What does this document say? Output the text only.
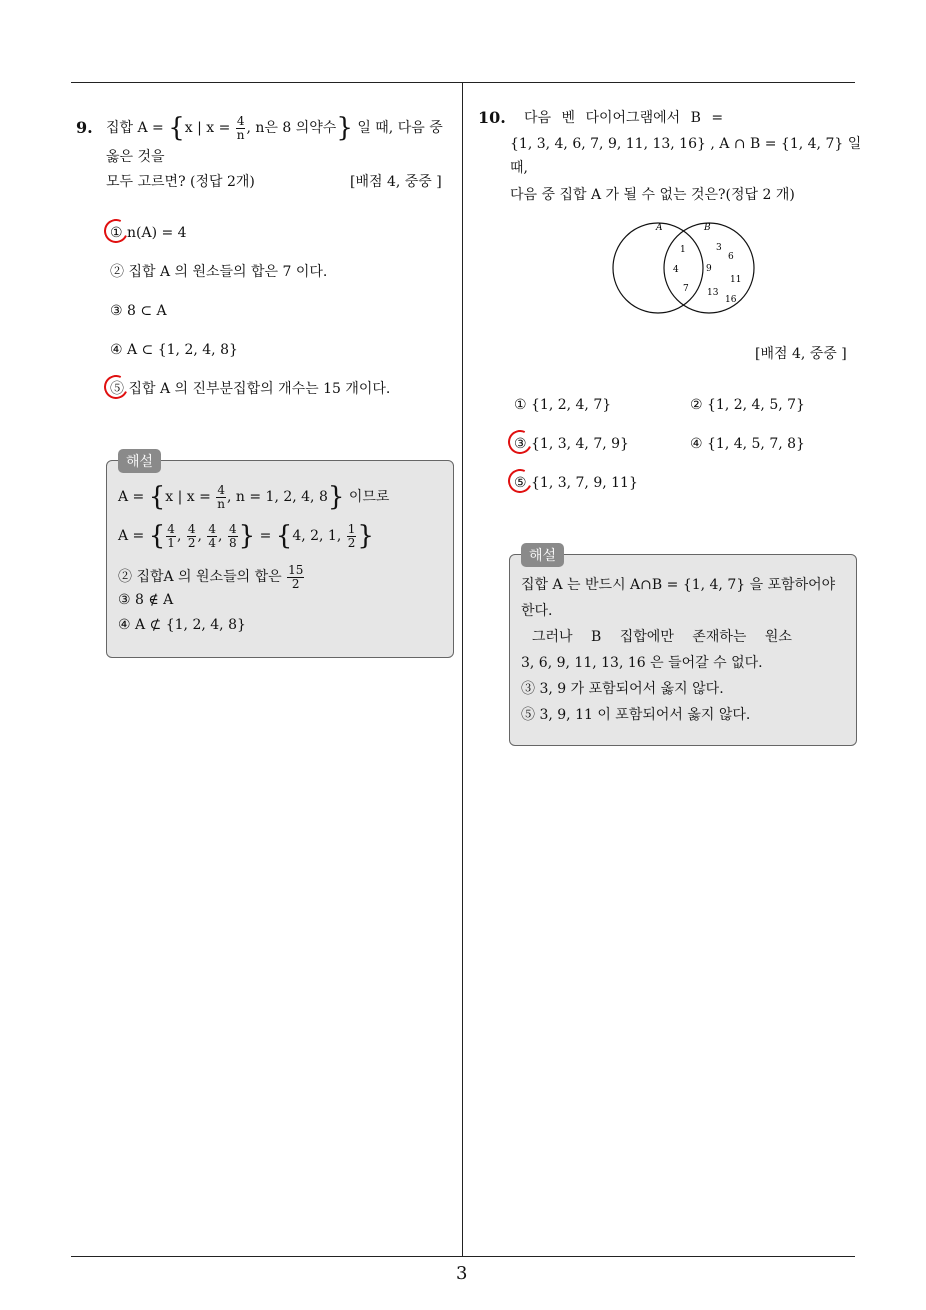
3
9. 집합 A = {x | $x = \frac{4}{n}$ , n은 8 의약수} 일 때, 다음 중
옳은 것을
모두 고르면? (정답 2개)	[배점 4, 중중 ]
① n(A) = 4
② 집합 A 의 원소들의 합은 7 이다.
③ 8 ⊂ A
④ A ⊂ {1, 2, 4, 8}
⑤ 집합 A 의 진부분집합의 개수는 15 개이다.
해설
A = {x | $x = \frac{4}{n}$ , n = 1, 2, 4, 8} 이므로
A = { $\frac{4}{1}$ , $\frac{4}{2}$ , $\frac{4}{4}$ , $\frac{4}{8}$ } = {4, 2, 1, $\frac{1}{2}$ }
② 집합A 의 원소들의 합은 $\frac{15}{2}$
③ 8 ∉ A
④ A ⊄ {1, 2, 4, 8}
10. 다음 벤 다이어그램에서 B =
{1, 3, 4, 6, 7, 9, 11, 13, 16} , A ∩ B = {1, 4, 7} 일
때,
다음 중 집합 A 가 될 수 없는 것은?(정답 2 개)
A	B
1
4
7
3
6
9
11
13
16
[배점 4, 중중 ]
① {1, 2, 4, 7}	② {1, 2, 4, 5, 7}
③ {1, 3, 4, 7, 9}	④ {1, 4, 5, 7, 8}
⑤ {1, 3, 7, 9, 11}
해설
집합 A 는 반드시 A∩B = {1, 4, 7} 을 포함하어야
한다.
그러나 B 집합에만 존재하는 원소
3, 6, 9, 11, 13, 16 은 들어갈 수 없다.
③ 3, 9 가 포함되어서 옳지 않다.
⑤ 3, 9, 11 이 포함되어서 옳지 않다.
